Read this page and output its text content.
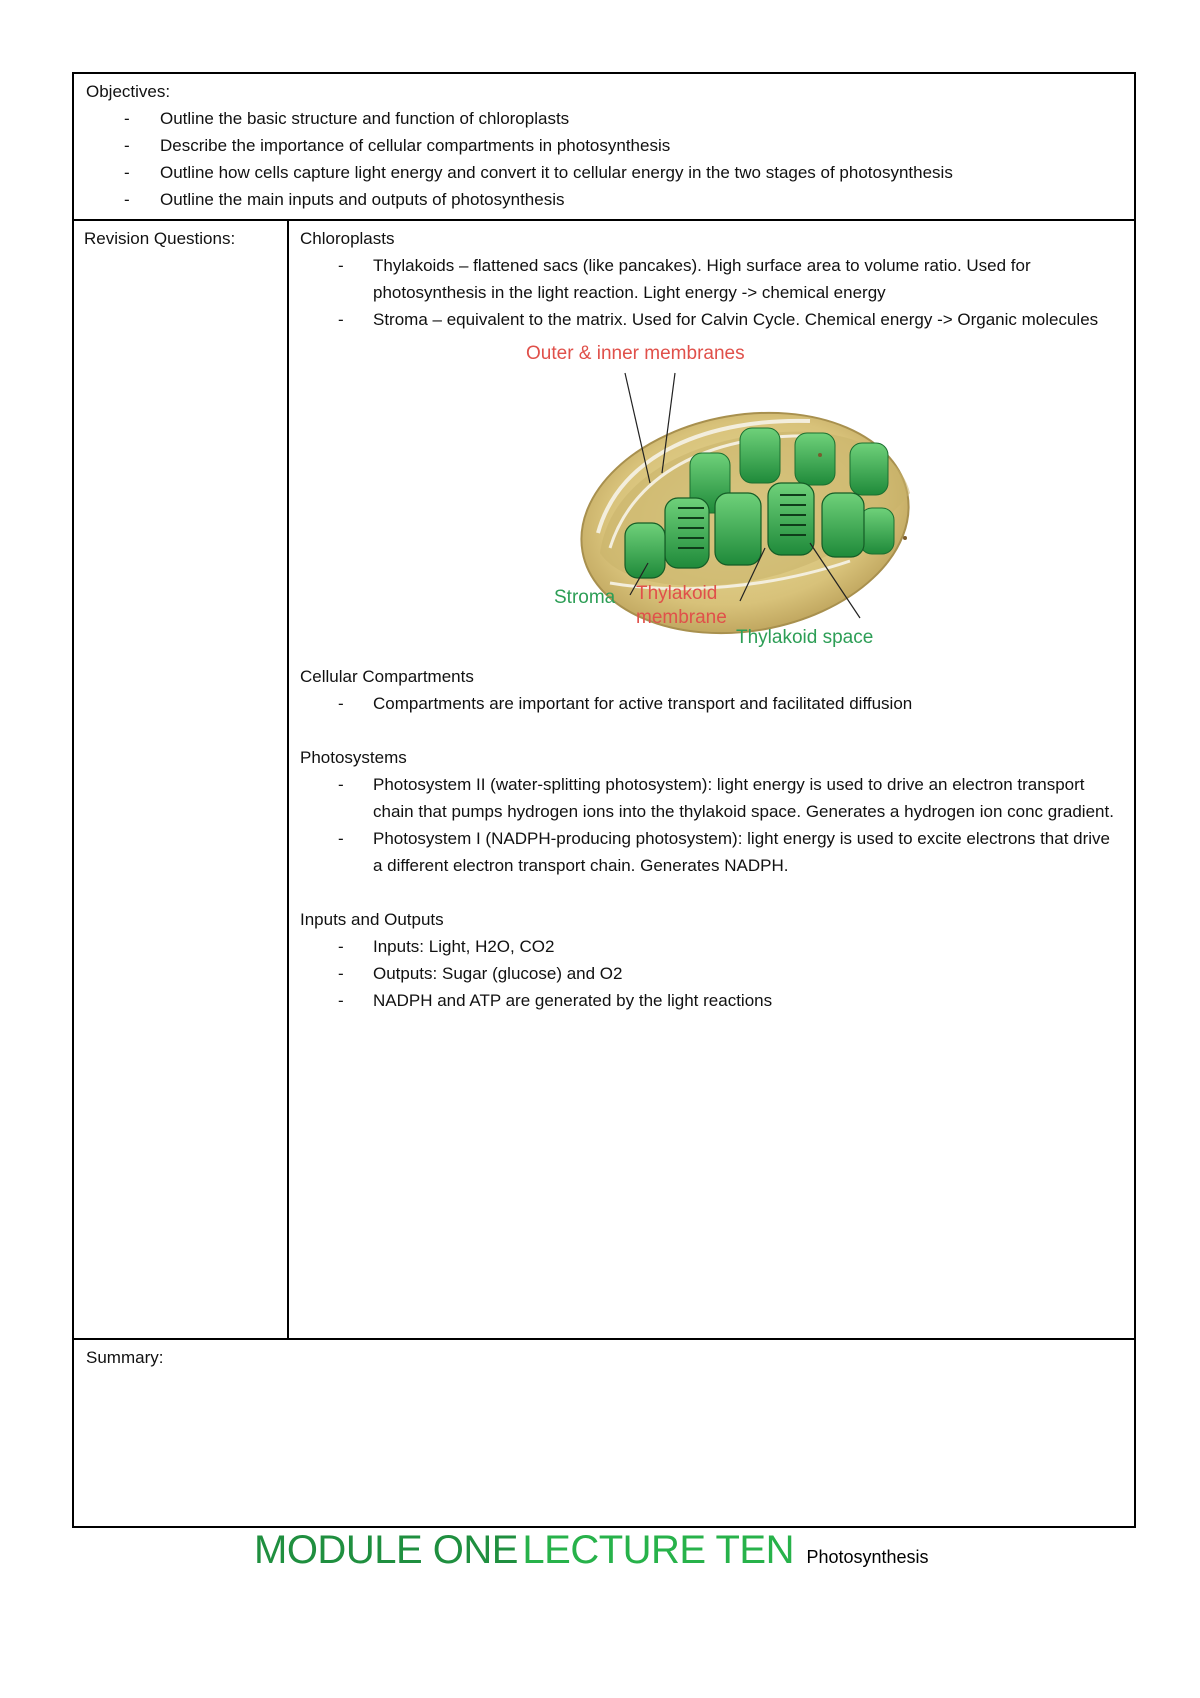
Objectives:
- Outline the basic structure and function of chloroplasts
- Describe the importance of cellular compartments in photosynthesis
- Outline how cells capture light energy and convert it to cellular energy in the two stages of photosynthesis
- Outline the main inputs and outputs of photosynthesis
Revision Questions:	Chloroplasts
- Thylakoids – flattened sacs (like pancakes). High surface area to volume ratio. Used for photosynthesis in the light reaction. Light energy -> chemical energy
- Stroma – equivalent to the matrix. Used for Calvin Cycle. Chemical energy -> Organic molecules
Outer & inner membranes
Stroma Thylakoid
membrane
Thylakoid space
Cellular Compartments
- Compartments are important for active transport and facilitated diffusion
Photosystems
- Photosystem II (water-splitting photosystem): light energy is used to drive an electron transport chain that pumps hydrogen ions into the thylakoid space. Generates a hydrogen ion conc gradient.
- Photosystem I (NADPH-producing photosystem): light energy is used to excite electrons that drive a different electron transport chain. Generates NADPH.
Inputs and Outputs
- Inputs: Light, H2O, CO2
- Outputs: Sugar (glucose) and O2
- NADPH and ATP are generated by the light reactions
Summary:
MODULE ONE LECTURE TEN Photosynthesis
